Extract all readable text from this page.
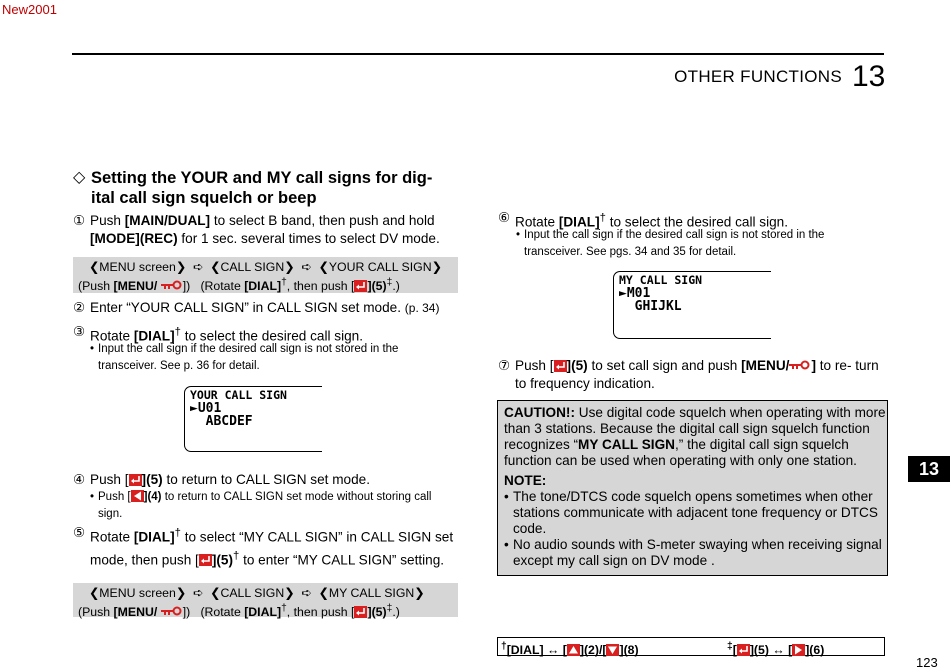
New2001
OTHER FUNCTIONS 13
13
123
◇ Setting the YOUR and MY call signs for dig-
ital call sign squelch or beep
① Push [MAIN/DUAL] to select B band, then push and hold [MODE](REC) for 1 sec. several times to select DV mode.
❮MENU screen❯ ➪ ❮CALL SIGN❯ ➪ ❮YOUR CALL SIGN❯
(Push [MENU/ ]) (Rotate [DIAL]†, then push [ ](5)‡.)
② Enter “YOUR CALL SIGN” in CALL SIGN set mode. (p. 34)
③ Rotate [DIAL]† to select the desired call sign.
• Input the call sign if the desired call sign is not stored in the transceiver. See p. 36 for detail.
YOUR CALL SIGN
►U01
ABCDEF
④ Push [ ](5) to return to CALL SIGN set mode.
• Push [ ](4) to return to CALL SIGN set mode without storing call sign.
⑤ Rotate [DIAL]† to select “MY CALL SIGN” in CALL SIGN set mode, then push [ ](5)† to enter “MY CALL SIGN” setting.
❮MENU screen❯ ➪ ❮CALL SIGN❯ ➪ ❮MY CALL SIGN❯
(Push [MENU/ ]) (Rotate [DIAL]†, then push [ ](5)‡.)
⑥ Rotate [DIAL]† to select the desired call sign.
• Input the call sign if the desired call sign is not stored in the transceiver. See pgs. 34 and 35 for detail.
MY CALL SIGN
►M01
GHIJKL
⑦ Push [ ](5) to set call sign and push [MENU/ ] to re- turn to frequency indication.
CAUTION!: Use digital code squelch when operating with more than 3 stations. Because the digital call sign squelch function recognizes “MY CALL SIGN,” the digital call sign squelch function can be used when operating with only one station.
NOTE:
• The tone/DTCS code squelch opens sometimes when other stations communicate with adjacent tone frequency or DTCS code.
• No audio sounds with S-meter swaying when receiving signal except my call sign on DV mode .
†[DIAL] ↔ [ ](2)/[ ](8)	‡[ ](5) ↔ [ ](6)
